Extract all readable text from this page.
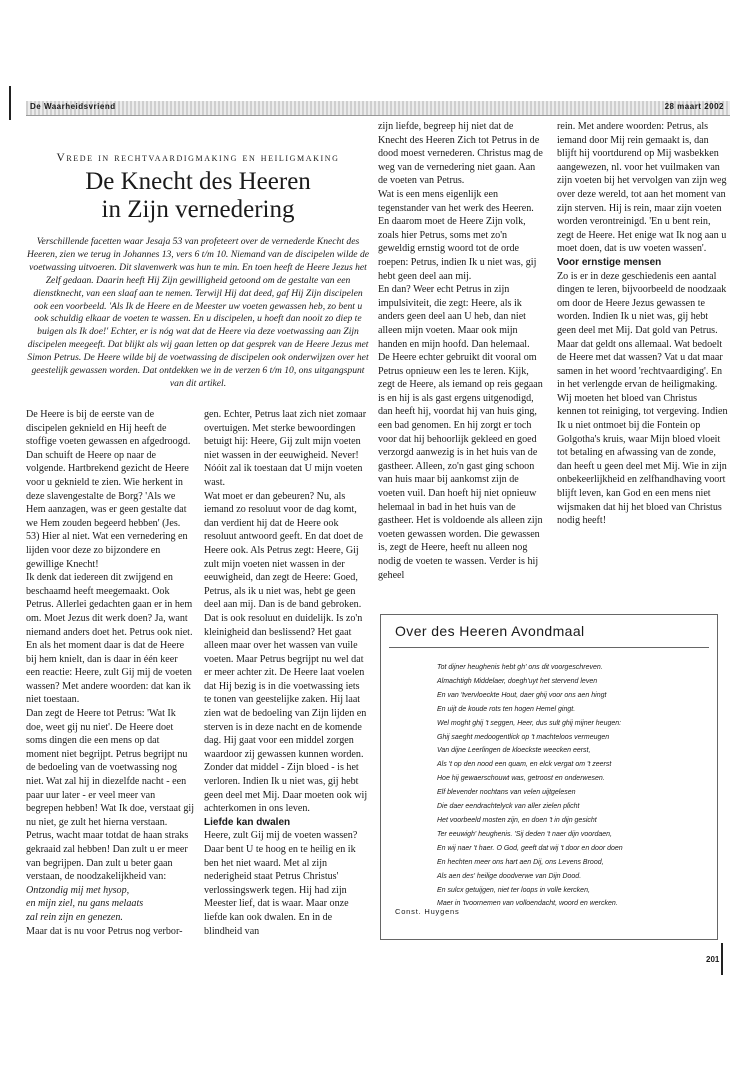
De Waarheidsvriend	28 maart 2002
Vrede in rechtvaardigmaking en heiligmaking
De Knecht des Heeren
in Zijn vernedering
Verschillende facetten waar Jesaja 53 van profeteert over de vernederde Knecht des Heeren, zien we terug in Johannes 13, vers 6 t/m 10. Niemand van de discipelen wilde de voetwassing uitvoeren. Dit slavenwerk was hun te min. En toen heeft de Heere Jezus het Zelf gedaan. Daarin heeft Hij Zijn gewilligheid getoond om de gestalte van een dienstknecht, van een slaaf aan te nemen. Terwijl Hij dat deed, gaf Hij Zijn discipelen ook een voorbeeld. 'Als Ik de Heere en de Meester uw voeten gewassen heb, zo bent u ook schuldig elkaar de voeten te wassen. En u discipelen, u hoeft dan nooit zo diep te buigen als Ik doe!' Echter, er is nóg wat dat de Heere via deze voetwassing aan Zijn discipelen meegeeft. Dat blijkt als wij gaan letten op dat gesprek van de Heere Jezus met Simon Petrus. De Heere wilde bij de voetwassing de discipelen ook onderwijzen over het geestelijk gewassen worden. Dat ontdekken we in de verzen 6 t/m 10, ons uitgangspunt van dit artikel.

De Heere is bij de eerste van de discipelen geknield en Hij heeft de stoffige voeten gewassen en afgedroogd. Dan schuift de Heere op naar de volgende. Hartbrekend gezicht de Heere voor u geknield te zien. Wie herkent in deze slavengestalte de Borg? 'Als we Hem aanzagen, was er geen gestalte dat we Hem zouden begeerd hebben' (Jes. 53) Hier al niet. Wat een vernedering en lijden voor deze zo bijzondere en gewillige Knecht!

Ik denk dat iedereen dit zwijgend en beschaamd heeft meegemaakt. Ook Petrus. Allerlei gedachten gaan er in hem om. Moet Jezus dit werk doen? Ja, want niemand anders doet het. Petrus ook niet. En als het moment daar is dat de Heere bij hem knielt, dan is daar in één keer een reactie: Heere, zult Gij mij de voeten wassen? Met andere woorden: dat kan ik niet toestaan.

Dan zegt de Heere tot Petrus: 'Wat Ik doe, weet gij nu niet'. De Heere doet soms dingen die een mens op dat moment niet begrijpt. Petrus begrijpt nu de bedoeling van de voetwassing nog niet. Wat zal hij in diezelfde nacht - een paar uur later - er veel meer van begrepen hebben! Wat Ik doe, verstaat gij nu niet, ge zult het hierna verstaan. Petrus, wacht maar totdat de haan straks gekraaid zal hebben! Dan zult u er meer van begrijpen. Dan zult u beter gaan verstaan, de noodzakelijkheid van:

Ontzondig mij met hysop,

en mijn ziel, nu gans melaats

zal rein zijn en genezen.

Maar dat is nu voor Petrus nog verbor-

gen. Echter, Petrus laat zich niet zomaar overtuigen. Met sterke bewoordingen betuigt hij: Heere, Gij zult mijn voeten niet wassen in der eeuwigheid. Never! Nóóit zal ik toestaan dat U mijn voeten wast.

Wat moet er dan gebeuren? Nu, als iemand zo resoluut voor de dag komt, dan verdient hij dat de Heere ook resoluut antwoord geeft. En dat doet de Heere ook. Als Petrus zegt: Heere, Gij zult mijn voeten niet wassen in der eeuwigheid, dan zegt de Heere: Goed, Petrus, als ik u niet was, hebt ge geen deel aan mij. Dan is de band gebroken. Dat is ook resoluut en duidelijk. Is zo'n kleinigheid dan beslissend? Het gaat alleen maar over het wassen van vuile voeten. Maar Petrus begrijpt nu wel dat er meer achter zit. De Heere laat voelen dat Hij bezig is in die voetwassing iets te tonen van geestelijke zaken. Hij laat zien wat de bedoeling van Zijn lijden en sterven is in deze nacht en de komende dag. Hij gaat voor een middel zorgen waardoor zij gewassen kunnen worden. Zonder dat middel - Zijn bloed - is het verloren. Indien Ik u niet was, gij hebt geen deel met Mij. Daar moeten ook wij achterkomen in ons leven.

Liefde kan dwalen

Heere, zult Gij mij de voeten wassen? Daar bent U te hoog en te heilig en ik ben het niet waard. Met al zijn nederigheid staat Petrus Christus' verlossingswerk tegen. Hij had zijn Meester lief, dat is waar. Maar onze liefde kan ook dwalen. En in de blindheid van

zijn liefde, begreep hij niet dat de Knecht des Heeren Zich tot Petrus in de dood moest vernederen. Christus mag de weg van de vernedering niet gaan. Aan de voeten van Petrus.

Wat is een mens eigenlijk een tegenstander van het werk des Heeren. En daarom moet de Heere Zijn volk, zoals hier Petrus, soms met zo'n geweldig ernstig woord tot de orde roepen: Petrus, indien Ik u niet was, gij hebt geen deel aan mij.

En dan? Weer echt Petrus in zijn impulsiviteit, die zegt: Heere, als ik anders geen deel aan U heb, dan niet alleen mijn voeten. Maar ook mijn handen en mijn hoofd. Dan helemaal.

De Heere echter gebruikt dit vooral om Petrus opnieuw een les te leren. Kijk, zegt de Heere, als iemand op reis gegaan is en hij is als gast ergens uitgenodigd, dan heeft hij, voordat hij van huis ging, een bad genomen. En hij zorgt er toch voor dat hij behoorlijk gekleed en goed verzorgd aanwezig is in het huis van de gastheer. Alleen, zo'n gast ging schoon van huis maar bij aankomst zijn de voeten vuil. Dan hoeft hij niet opnieuw helemaal in bad in het huis van de gastheer. Het is voldoende als alleen zijn voeten gewassen worden. Die gewassen is, zegt de Heere, heeft nu alleen nog nodig de voeten te wassen. Verder is hij geheel

rein. Met andere woorden: Petrus, als iemand door Mij rein gemaakt is, dan blijft hij voortdurend op Mij wasbekken aangewezen, nl. voor het vuilmaken van zijn voeten bij het vervolgen van zijn weg over deze wereld, tot aan het moment van zijn sterven. Hij is rein, maar zijn voeten worden verontreinigd. 'En u bent rein, zegt de Heere. Het enige wat Ik nog aan u moet doen, dat is uw voeten wassen'.

Voor ernstige mensen

Zo is er in deze geschiedenis een aantal dingen te leren, bijvoorbeeld de noodzaak om door de Heere Jezus gewassen te worden. Indien Ik u niet was, gij hebt geen deel met Mij. Dat gold van Petrus. Maar dat geldt ons allemaal. Wat bedoelt de Heere met dat wassen? Vat u dat maar samen in het woord 'rechtvaardiging'. En in het verlengde ervan de heiligmaking.

Wij moeten het bloed van Christus kennen tot reiniging, tot vergeving. Indien Ik u niet ontmoet bij die Fontein op Golgotha's kruis, waar Mijn bloed vloeit tot betaling en afwassing van de zonde, dan heeft u geen deel met Mij. Wie in zijn onbekeerlijkheid en zelfhandhaving voort blijft leven, kan God en een mens niet wijsmaken dat hij het bloed van Christus nodig heeft!

Over des Heeren Avondmaal
Tot dijner heughenis hebt gh' ons dit voorgeschreven.
Almachtigh Middelaer, doegh'uyt het stervend leven
En van 'tvervloeckte Hout, daer ghij voor ons aen hingt
En uijt de koude rots ten hogen Hemel gingt.
Wel moght ghij 't seggen, Heer, dus sult ghij mijner heugen:
Ghij saeght medoogentlick op 't machteloos vermeugen
Van dijne Leerlingen de kloeckste weecken eerst,
Als 't op den nood een quam, en elck vergat om 't zeerst
Hoe hij gewaerschouwt was, getroost en onderwesen.
Elf blevender nochtans van velen uijtgelesen
Die daer eendrachtelyck van aller zielen plicht
Het voorbeeld mosten zijn, en doen 't in dijn gesicht
Ter eeuwigh' heughenis. 'Sij deden 't naer dijn voordaen,
En wij naer 't haer. O God, geeft dat wij 't door en door doen
En hechten meer ons hart aen Dij, ons Levens Brood,
Als aen des' heilige doodverwe van Dijn Dood.
En sulcx getuijgen, niet ter loops in volle kercken,
Maer in 'tvoornemen van volloendacht, woord en wercken.
Const. Huygens
201
